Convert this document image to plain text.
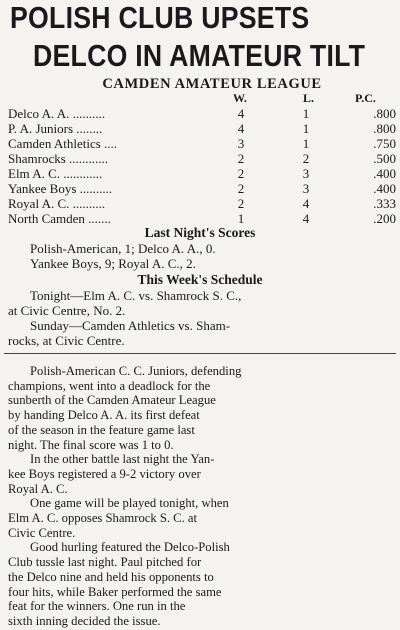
POLISH CLUB UPSETS
DELCO IN AMATEUR TILT
CAMDEN AMATEUR LEAGUE
W.	L.	P.C.
Delco A. A. ..........	4	1	.800
P. A. Juniors ........	4	1	.800
Camden Athletics ....	3	1	.750
Shamrocks ............	2	2	.500
Elm A. C. ............	2	3	.400
Yankee Boys ..........	2	3	.400
Royal A. C. ..........	2	4	.333
North Camden .......	1	4	.200
Last Night's Scores
Polish-American, 1; Delco A. A., 0.
Yankee Boys, 9; Royal A. C., 2.
This Week's Schedule
Tonight—Elm A. C. vs. Shamrock S. C.,
at Civic Centre, No. 2.
Sunday—Camden Athletics vs. Sham-
rocks, at Civic Centre.
Polish-American C. C. Juniors, defending
champions, went into a deadlock for the
sunberth of the Camden Amateur League
by handing Delco A. A. its first defeat
of the season in the feature game last
night. The final score was 1 to 0.
In the other battle last night the Yan-
kee Boys registered a 9-2 victory over
Royal A. C.
One game will be played tonight, when
Elm A. C. opposes Shamrock S. C. at
Civic Centre.
Good hurling featured the Delco-Polish
Club tussle last night. Paul pitched for
the Delco nine and held his opponents to
four hits, while Baker performed the same
feat for the winners. One run in the
sixth inning decided the issue.
